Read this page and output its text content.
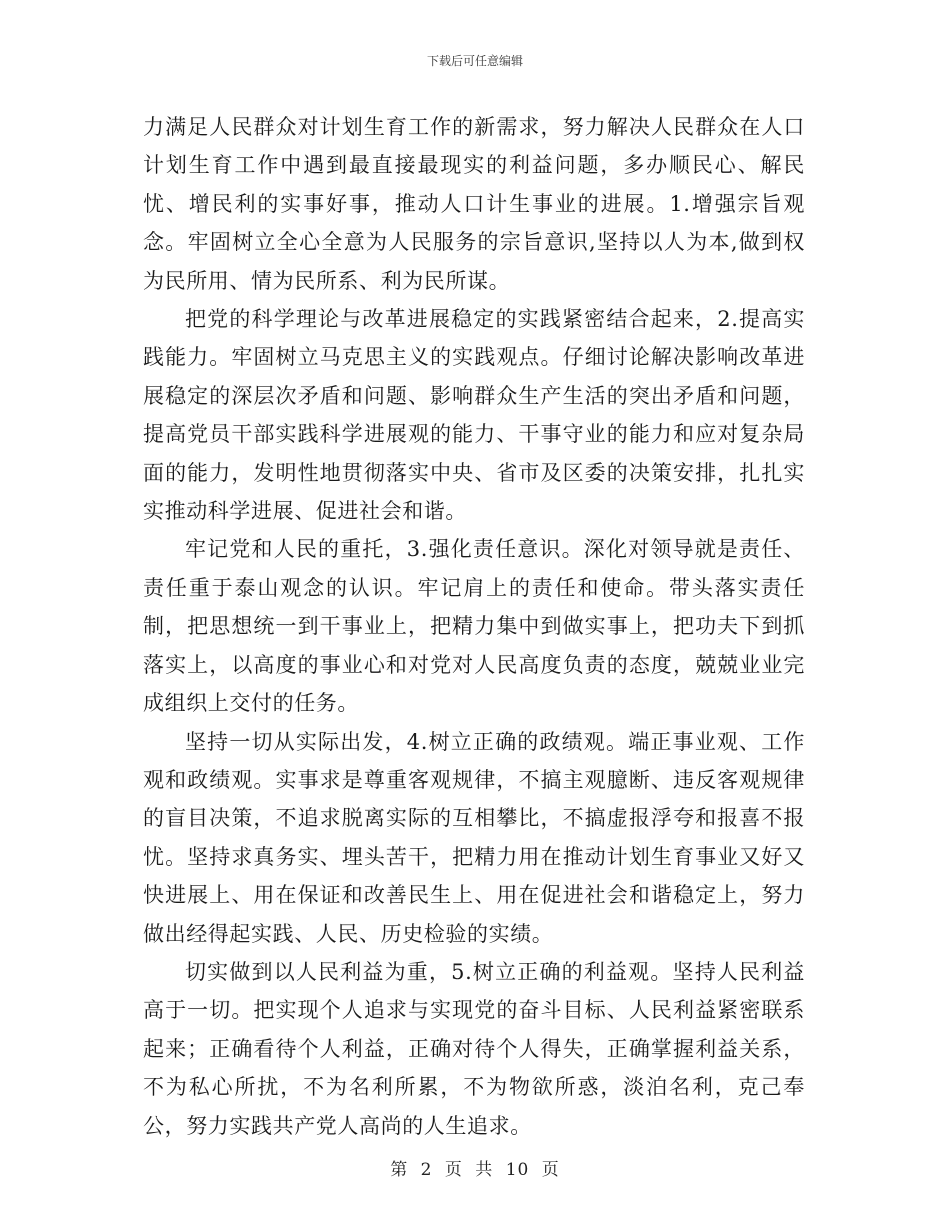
下载后可任意编辑

力满足人民群众对计划生育工作的新需求，努力解决人民群众在人口计划生育工作中遇到最直接最现实的利益问题，多办顺民心、解民忧、增民利的实事好事，推动人口计生事业的进展。1.增强宗旨观念。牢固树立全心全意为人民服务的宗旨意识,坚持以人为本,做到权为民所用、情为民所系、利为民所谋。

把党的科学理论与改革进展稳定的实践紧密结合起来，2.提高实践能力。牢固树立马克思主义的实践观点。仔细讨论解决影响改革进展稳定的深层次矛盾和问题、影响群众生产生活的突出矛盾和问题，提高党员干部实践科学进展观的能力、干事守业的能力和应对复杂局面的能力，发明性地贯彻落实中央、省市及区委的决策安排，扎扎实实推动科学进展、促进社会和谐。

牢记党和人民的重托，3.强化责任意识。深化对领导就是责任、责任重于泰山观念的认识。牢记肩上的责任和使命。带头落实责任制，把思想统一到干事业上，把精力集中到做实事上，把功夫下到抓落实上，以高度的事业心和对党对人民高度负责的态度，兢兢业业完成组织上交付的任务。

坚持一切从实际出发，4.树立正确的政绩观。端正事业观、工作观和政绩观。实事求是尊重客观规律，不搞主观臆断、违反客观规律的盲目决策，不追求脱离实际的互相攀比，不搞虚报浮夸和报喜不报忧。坚持求真务实、埋头苦干，把精力用在推动计划生育事业又好又快进展上、用在保证和改善民生上、用在促进社会和谐稳定上，努力做出经得起实践、人民、历史检验的实绩。

切实做到以人民利益为重，5.树立正确的利益观。坚持人民利益高于一切。把实现个人追求与实现党的奋斗目标、人民利益紧密联系起来；正确看待个人利益，正确对待个人得失，正确掌握利益关系，不为私心所扰，不为名利所累，不为物欲所惑，淡泊名利，克己奉公，努力实践共产党人高尚的人生追求。

第 2 页 共 10 页
